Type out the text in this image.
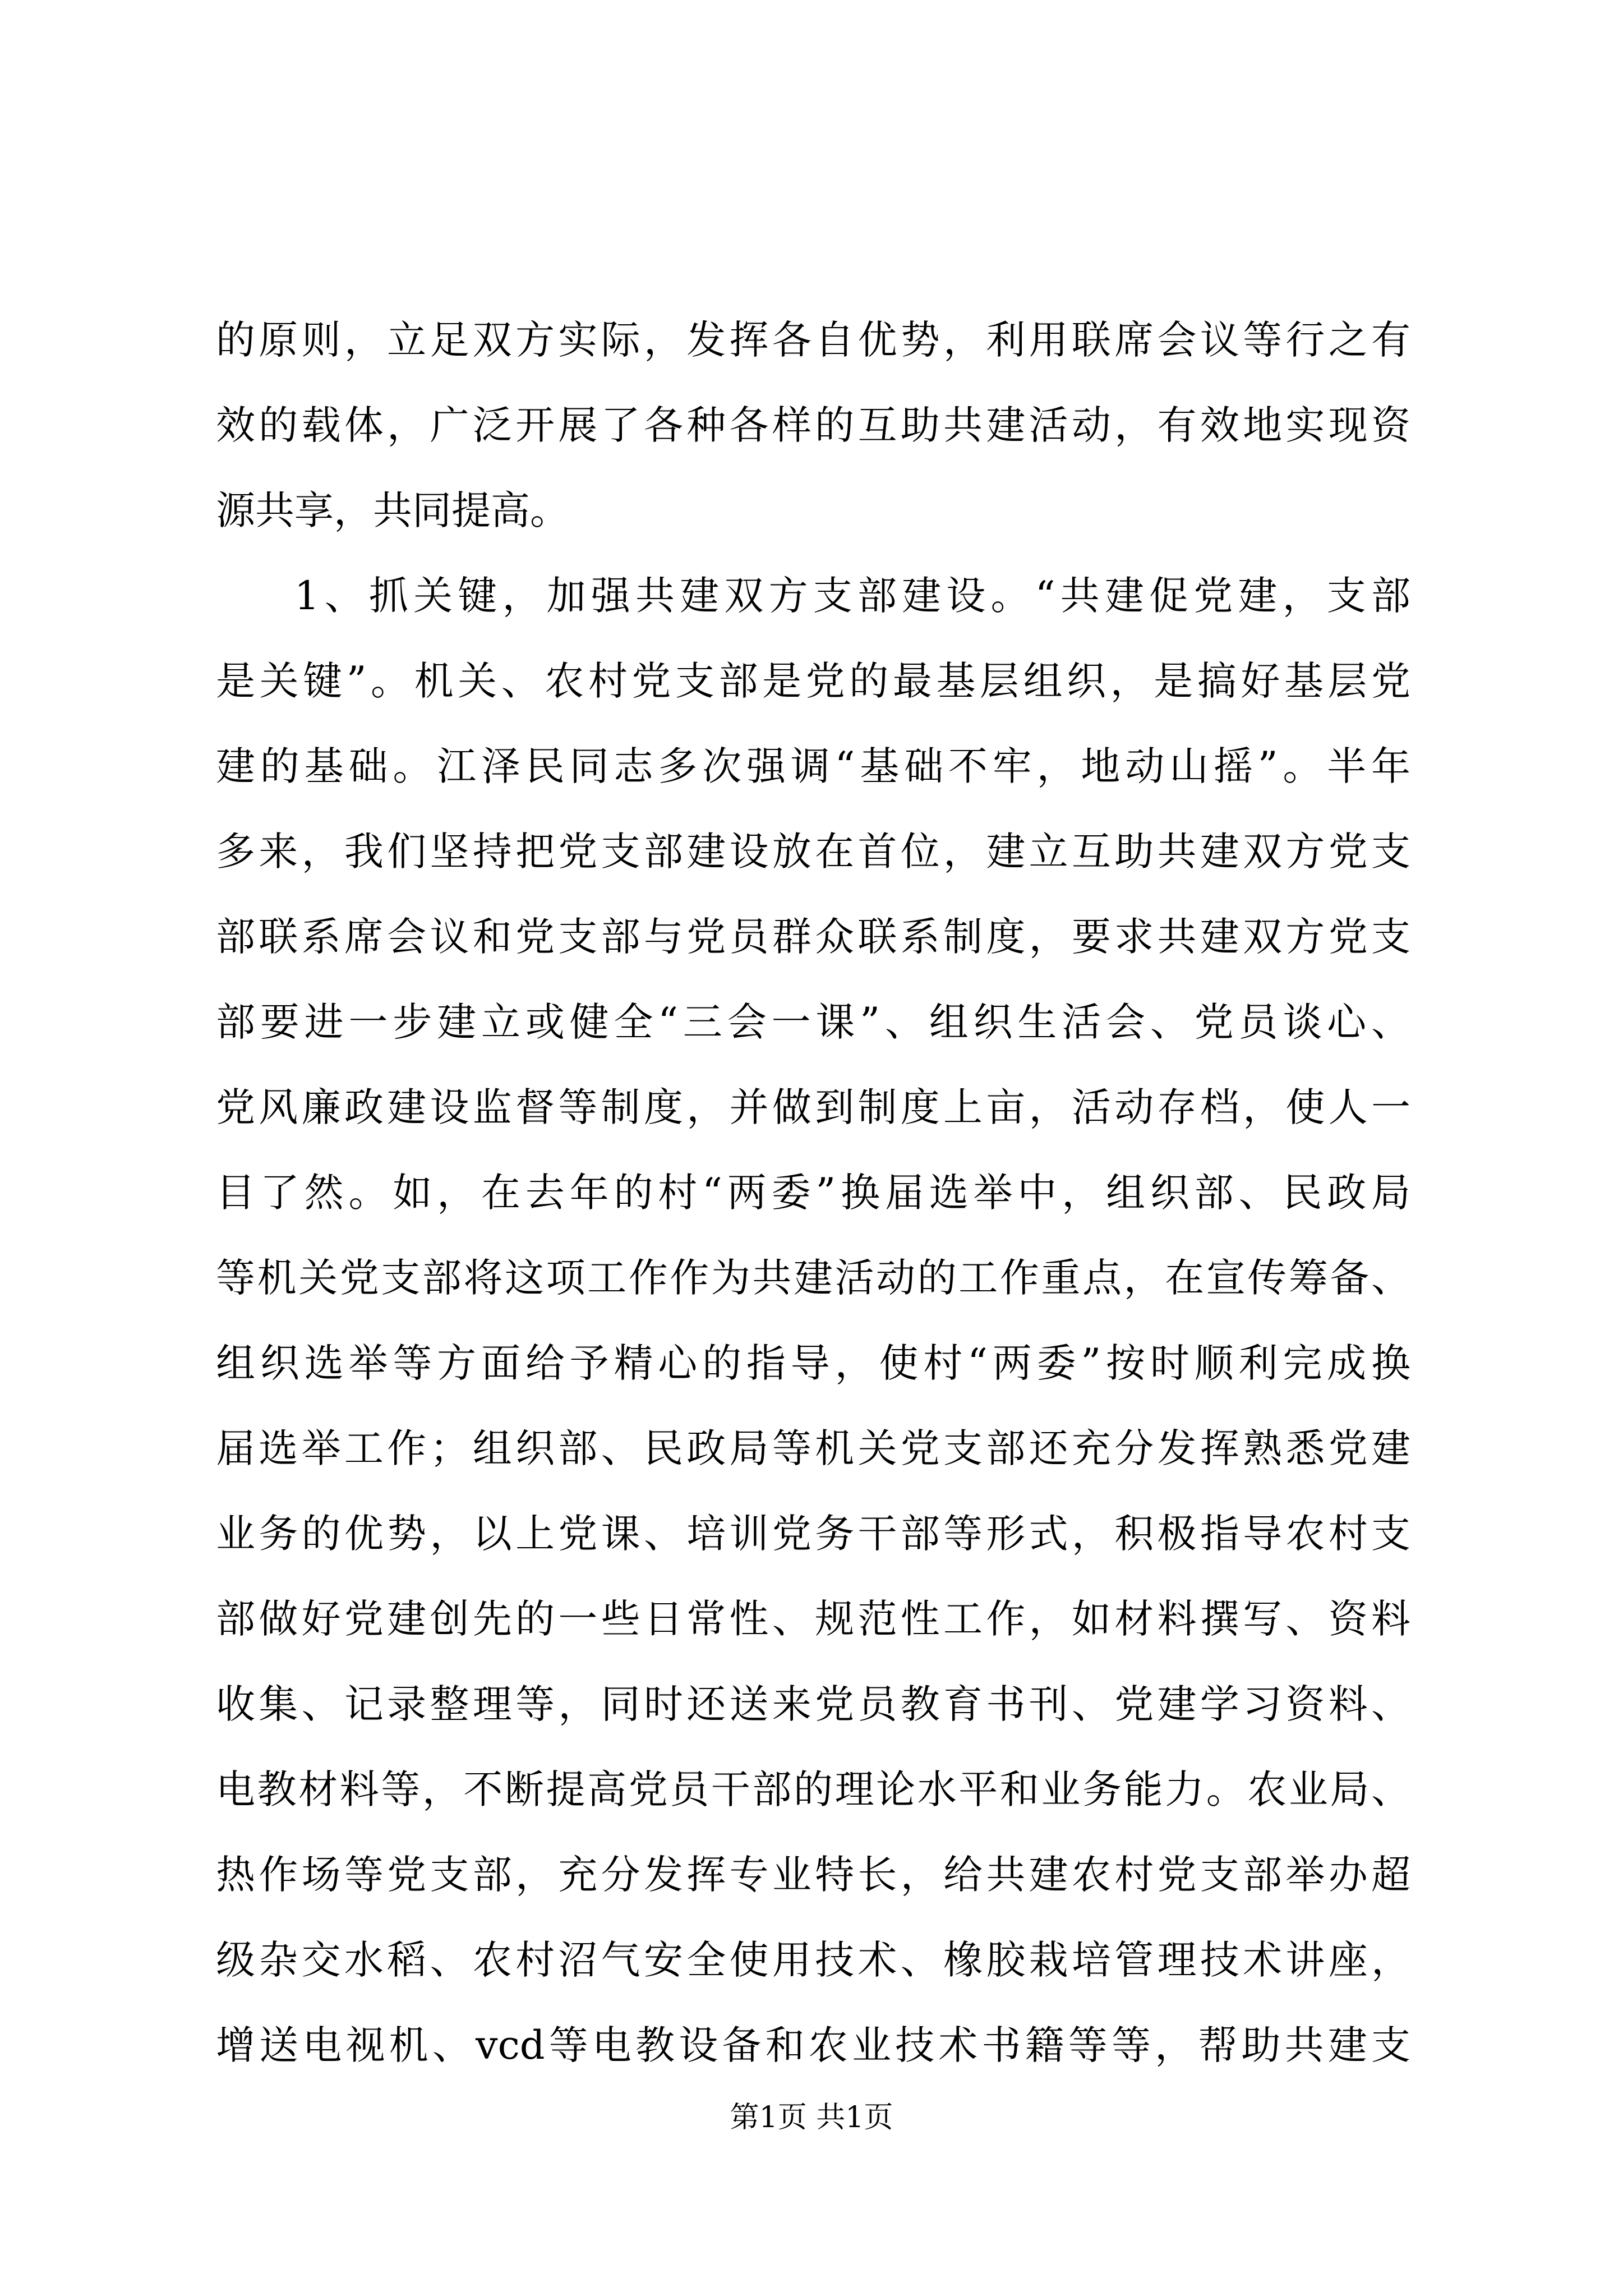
的原则，立足双方实际，发挥各自优势，利用联席会议等行之有
效的载体，广泛开展了各种各样的互助共建活动，有效地实现资
源共享，共同提高。
1、抓关键，加强共建双方支部建设。“共建促党建，支部
是关键”。机关、农村党支部是党的最基层组织，是搞好基层党
建的基础。江泽民同志多次强调“基础不牢，地动山摇”。半年
多来，我们坚持把党支部建设放在首位，建立互助共建双方党支
部联系席会议和党支部与党员群众联系制度，要求共建双方党支
部要进一步建立或健全“三会一课”、组织生活会、党员谈心、
党风廉政建设监督等制度，并做到制度上亩，活动存档，使人一
目了然。如，在去年的村“两委”换届选举中，组织部、民政局
等机关党支部将这项工作作为共建活动的工作重点，在宣传筹备、
组织选举等方面给予精心的指导，使村“两委”按时顺利完成换
届选举工作；组织部、民政局等机关党支部还充分发挥熟悉党建
业务的优势，以上党课、培训党务干部等形式，积极指导农村支
部做好党建创先的一些日常性、规范性工作，如材料撰写、资料
收集、记录整理等，同时还送来党员教育书刊、党建学习资料、
电教材料等，不断提高党员干部的理论水平和业务能力。农业局、
热作场等党支部，充分发挥专业特长，给共建农村党支部举办超
级杂交水稻、农村沼气安全使用技术、橡胶栽培管理技术讲座，
增送电视机、vcd等电教设备和农业技术书籍等等，帮助共建支
第1页 共1页
